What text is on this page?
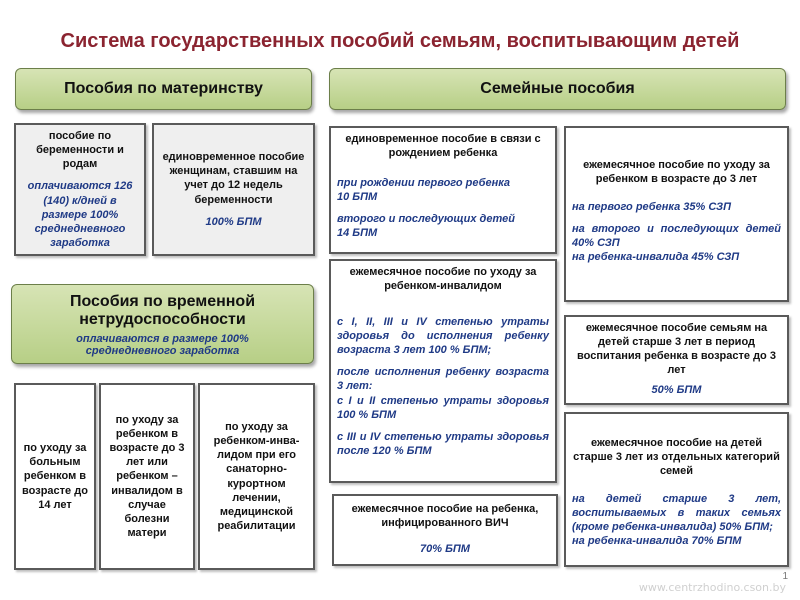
Система государственных пособий семьям, воспитывающим детей
Пособия по материнству
пособие по беременности и родам
оплачиваются 126 (140) к/дней в размере 100% среднедневного заработка
единовременное пособие женщинам, ставшим на учет до 12 недель беременности
100% БПМ
Пособия по временной
нетрудоспособности
оплачиваются в размере 100%
среднедневного заработка
по уходу за больным ребенком в возрасте до 14 лет
по уходу за ребенком в возрасте до 3 лет или ребенком – инвалидом в случае болезни матери
по уходу за ребенком-инва-лидом при его санаторно-курортном лечении, медицинской реабилитации
Семейные пособия
единовременное пособие в связи с рождением ребенка
при рождении первого ребенка
10 БПМ
второго и последующих детей
14 БПМ
ежемесячное пособие по уходу за ребенком-инвалидом
с I, II, III и IV степенью утраты здоровья до исполнения ребенку возраста 3 лет 100 % БПМ;
после исполнения ребенку возраста 3 лет:
с I и II степенью утраты здоровья 100 % БПМ
с III и IV степенью утраты здоровья после 120 % БПМ
ежемесячное пособие на ребенка, инфицированного ВИЧ
70% БПМ
ежемесячное пособие по уходу за ребенком в возрасте до 3 лет
на первого ребенка 35% СЗП
на второго и последующих детей 40% СЗП
на ребенка-инвалида 45% СЗП
ежемесячное пособие семьям на детей старше 3 лет в период воспитания ребенка в возрасте до 3 лет
50% БПМ
ежемесячное пособие на детей старше 3 лет из отдельных категорий семей
на детей старше 3 лет, воспитываемых в таких семьях (кроме ребенка-инвалида) 50% БПМ;
на ребенка-инвалида 70% БПМ
1
www.centrzhodino.cson.by
